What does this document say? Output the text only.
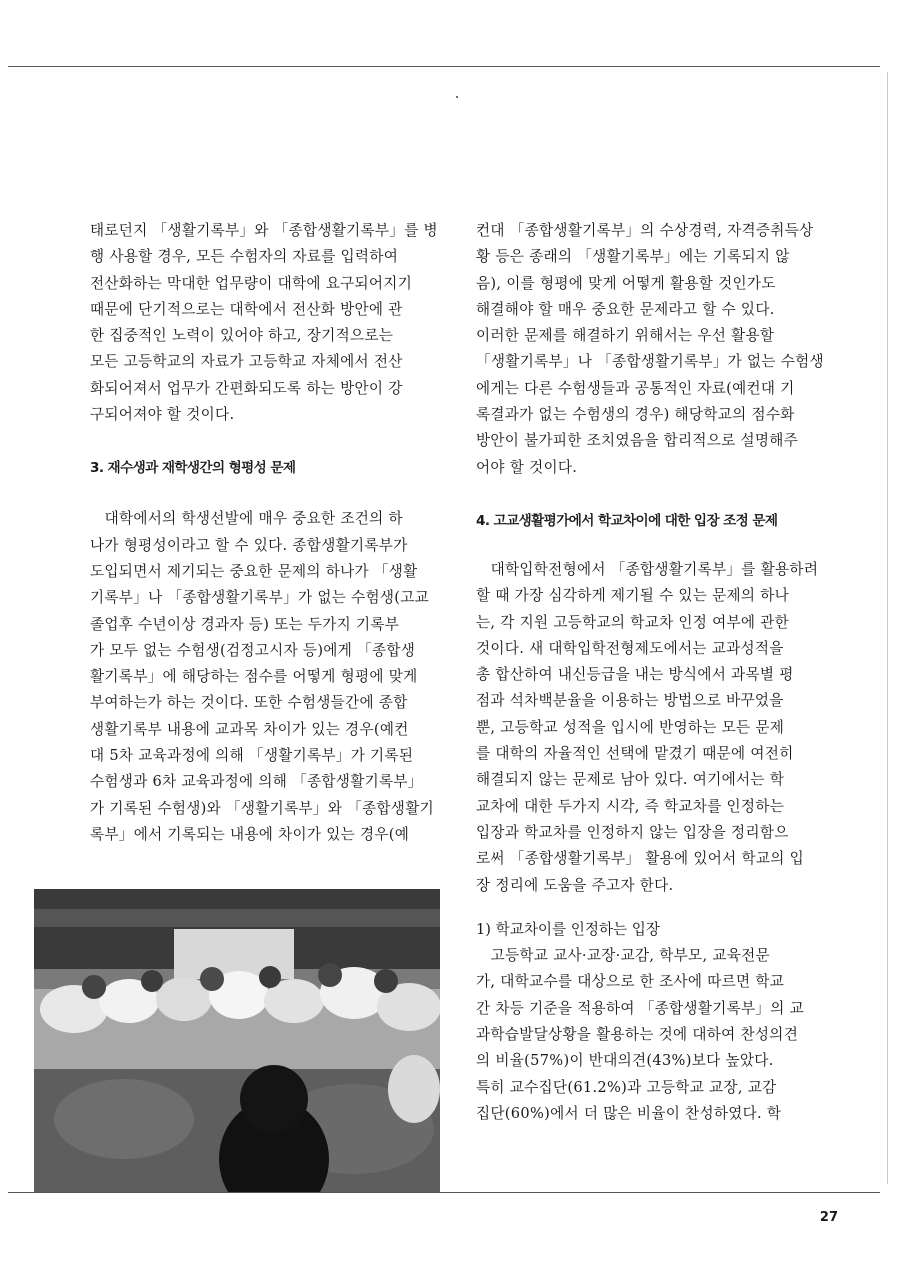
태로던지 「생활기록부」와 「종합생활기록부」를 병
행 사용할 경우, 모든 수험자의 자료를 입력하여
전산화하는 막대한 업무량이 대학에 요구되어지기
때문에 단기적으로는 대학에서 전산화 방안에 관
한 집중적인 노력이 있어야 하고, 장기적으로는
모든 고등학교의 자료가 고등학교 자체에서 전산
화되어져서 업무가 간편화되도록 하는 방안이 강
구되어져야 할 것이다.

3. 재수생과 재학생간의 형평성 문제

대학에서의 학생선발에 매우 중요한 조건의 하
나가 형평성이라고 할 수 있다. 종합생활기록부가
도입되면서 제기되는 중요한 문제의 하나가 「생활
기록부」나 「종합생활기록부」가 없는 수험생(고교
졸업후 수년이상 경과자 등) 또는 두가지 기록부
가 모두 없는 수험생(검정고시자 등)에게 「종합생
활기록부」에 해당하는 점수를 어떻게 형평에 맞게
부여하는가 하는 것이다. 또한 수험생들간에 종합
생활기록부 내용에 교과목 차이가 있는 경우(예컨
대 5차 교육과정에 의해 「생활기록부」가 기록된
수험생과 6차 교육과정에 의해 「종합생활기록부」
가 기록된 수험생)와 「생활기록부」와 「종합생활기
록부」에서 기록되는 내용에 차이가 있는 경우(예

컨대 「종합생활기록부」의 수상경력, 자격증취득상
황 등은 종래의 「생활기록부」에는 기록되지 않
음), 이를 형평에 맞게 어떻게 활용할 것인가도
해결해야 할 매우 중요한 문제라고 할 수 있다.
이러한 문제를 해결하기 위해서는 우선 활용할
「생활기록부」나 「종합생활기록부」가 없는 수험생
에게는 다른 수험생들과 공통적인 자료(예컨대 기
록결과가 없는 수험생의 경우) 해당학교의 점수화
방안이 불가피한 조치였음을 합리적으로 설명해주
어야 할 것이다.

4. 고교생활평가에서 학교차이에 대한 입장 조정 문제

대학입학전형에서 「종합생활기록부」를 활용하려
할 때 가장 심각하게 제기될 수 있는 문제의 하나
는, 각 지원 고등학교의 학교차 인정 여부에 관한
것이다. 새 대학입학전형제도에서는 교과성적을
총 합산하여 내신등급을 내는 방식에서 과목별 평
점과 석차백분율을 이용하는 방법으로 바꾸었을
뿐, 고등학교 성적을 입시에 반영하는 모든 문제
를 대학의 자율적인 선택에 맡겼기 때문에 여전히
해결되지 않는 문제로 남아 있다. 여기에서는 학
교차에 대한 두가지 시각, 즉 학교차를 인정하는
입장과 학교차를 인정하지 않는 입장을 정리함으
로써 「종합생활기록부」 활용에 있어서 학교의 입
장 정리에 도움을 주고자 한다.

1) 학교차이를 인정하는 입장

고등학교 교사·교장·교감, 학부모, 교육전문
가, 대학교수를 대상으로 한 조사에 따르면 학교
간 차등 기준을 적용하여 「종합생활기록부」의 교
과학습발달상황을 활용하는 것에 대하여 찬성의견
의 비율(57%)이 반대의견(43%)보다 높았다.
특히 교수집단(61.2%)과 고등학교 교장, 교감
집단(60%)에서 더 많은 비율이 찬성하였다. 학

27
